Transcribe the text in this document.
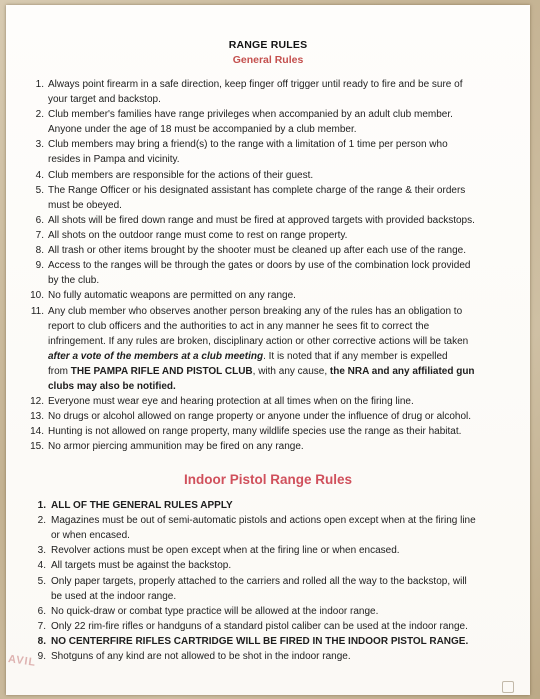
RANGE RULES
General Rules
1. Always point firearm in a safe direction, keep finger off trigger until ready to fire and be sure of
your target and backstop.
2. Club member's families have range privileges when accompanied by an adult club member.
Anyone under the age of 18 must be accompanied by a club member.
3. Club members may bring a friend(s) to the range with a limitation of 1 time per person who
resides in Pampa and vicinity.
4. Club members are responsible for the actions of their guest.
5. The Range Officer or his designated assistant has complete charge of the range & their orders
must be obeyed.
6. All shots will be fired down range and must be fired at approved targets with provided backstops.
7. All shots on the outdoor range must come to rest on range property.
8. All trash or other items brought by the shooter must be cleaned up after each use of the range.
9. Access to the ranges will be through the gates or doors by use of the combination lock provided
by the club.
10. No fully automatic weapons are permitted on any range.
11. Any club member who observes another person breaking any of the rules has an obligation to
report to club officers and the authorities to act in any manner he sees fit to correct the
infringement. If any rules are broken, disciplinary action or other corrective actions will be taken
after a vote of the members at a club meeting. It is noted that if any member is expelled
from THE PAMPA RIFLE AND PISTOL CLUB, with any cause, the NRA and any affiliated gun
clubs may also be notified.
12. Everyone must wear eye and hearing protection at all times when on the firing line.
13. No drugs or alcohol allowed on range property or anyone under the influence of drug or alcohol.
14. Hunting is not allowed on range property, many wildlife species use the range as their habitat.
15. No armor piercing ammunition may be fired on any range.
Indoor Pistol Range Rules
1. ALL OF THE GENERAL RULES APPLY
2. Magazines must be out of semi-automatic pistols and actions open except when at the firing line
or when encased.
3. Revolver actions must be open except when at the firing line or when encased.
4. All targets must be against the backstop.
5. Only paper targets, properly attached to the carriers and rolled all the way to the backstop, will
be used at the indoor range.
6. No quick-draw or combat type practice will be allowed at the indoor range.
7. Only 22 rim-fire rifles or handguns of a standard pistol caliber can be used at the indoor range.
8. NO CENTERFIRE RIFLES CARTRIDGE WILL BE FIRED IN THE INDOOR PISTOL RANGE.
9. Shotguns of any kind are not allowed to be shot in the indoor range.
AVIL
